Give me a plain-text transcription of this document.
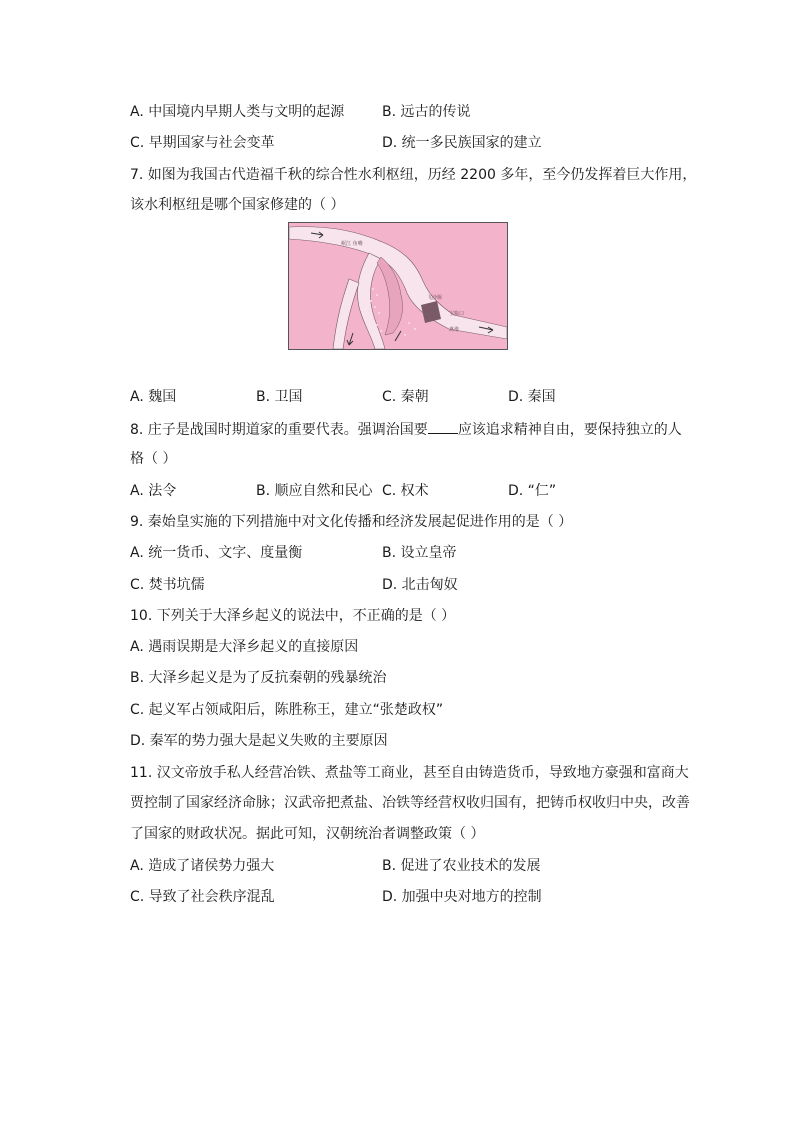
A. 中国境内早期人类与文明的起源	B. 远古的传说
C. 早期国家与社会变革	D. 统一多民族国家的建立
7. 如图为我国古代造福千秋的综合性水利枢纽，历经 2200 多年，至今仍发挥着巨大作用，
该水利枢纽是哪个国家修建的（ ）
岷江 鱼嘴
宝瓶口
飞沙堰
离堆
A. 魏国	B. 卫国	C. 秦朝	D. 秦国
8. 庄子是战国时期道家的重要代表。强调治国要 应该追求精神自由，要保持独立的人
格（ ）
A. 法令	B. 顺应自然和民心 C. 权术	D. “仁”
9. 秦始皇实施的下列措施中对文化传播和经济发展起促进作用的是（ ）
A. 统一货币、文字、度量衡	B. 设立皇帝
C. 焚书坑儒	D. 北击匈奴
10. 下列关于大泽乡起义的说法中，不正确的是（ ）
A. 遇雨误期是大泽乡起义的直接原因
B. 大泽乡起义是为了反抗秦朝的残暴统治
C. 起义军占领咸阳后，陈胜称王，建立“张楚政权”
D. 秦军的势力强大是起义失败的主要原因
11. 汉文帝放手私人经营冶铁、煮盐等工商业，甚至自由铸造货币，导致地方豪强和富商大
贾控制了国家经济命脉；汉武帝把煮盐、冶铁等经营权收归国有，把铸币权收归中央，改善
了国家的财政状况。据此可知，汉朝统治者调整政策（ ）
A. 造成了诸侯势力强大	B. 促进了农业技术的发展
C. 导致了社会秩序混乱	D. 加强中央对地方的控制
